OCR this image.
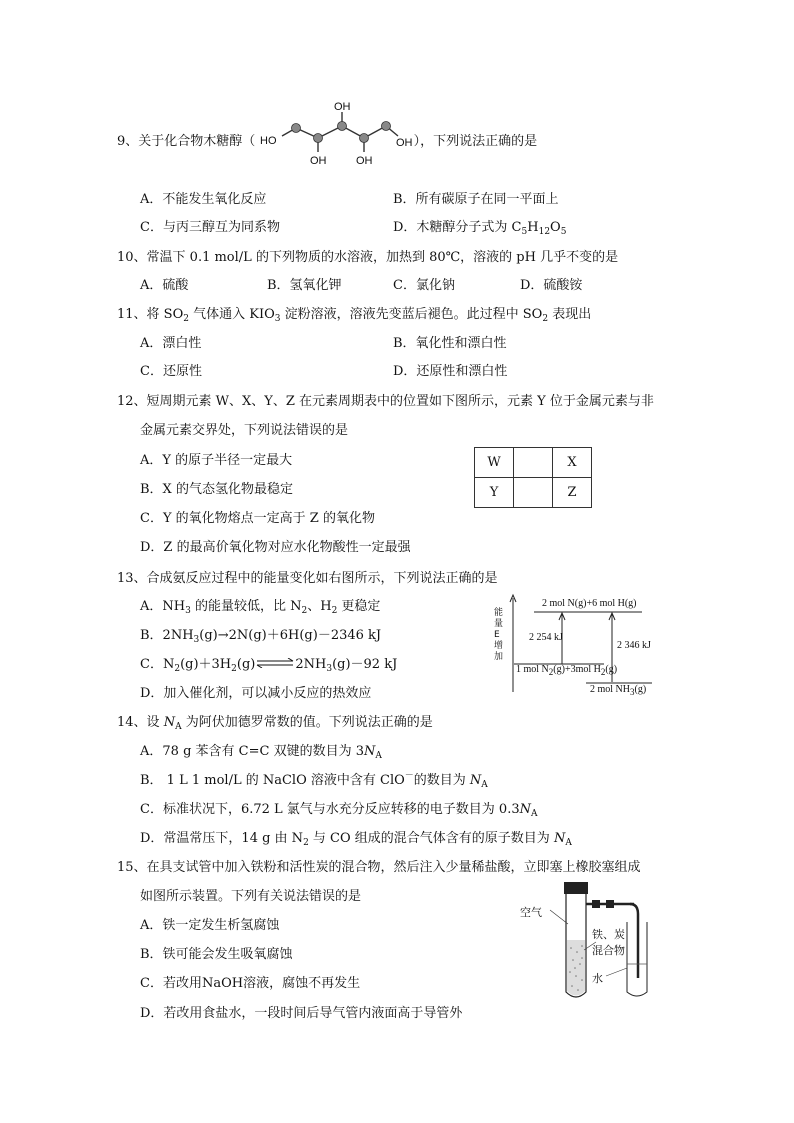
9、关于化合物木糖醇（	），下列说法正确的是
HO
OH
OH	OH
OH
A．不能发生氧化反应	B．所有碳原子在同一平面上
C．与丙三醇互为同系物	D．木糖醇分子式为 $C_5H_{12}O_5$
10、常温下 0.1 mol/L 的下列物质的水溶液，加热到 80℃，溶液的 pH 几乎不变的是
A．硫酸	B．氢氧化钾	C．氯化钠	D．硫酸铵
11、将 $SO_2$ 气体通入 $KIO_3$ 淀粉溶液，溶液先变蓝后褪色。此过程中 $SO_2$ 表现出
A．漂白性	B．氧化性和漂白性
C．还原性	D．还原性和漂白性
12、短周期元素 W、X、Y、Z 在元素周期表中的位置如下图所示，元素 Y 位于金属元素与非
金属元素交界处，下列说法错误的是
A．Y 的原子半径一定最大
B．X 的气态氢化物最稳定
C．Y 的氧化物熔点一定高于 Z 的氧化物
D．Z 的最高价氧化物对应水化物酸性一定最强
W		X
Y		Z
13、合成氨反应过程中的能量变化如右图所示，下列说法正确的是
A．$NH_3$ 的能量较低，比 $N_2$、$H_2$ 更稳定
B．$2NH_3(g)\to 2N(g)+6H(g)-2346$ kJ
C．$N_2(g)+3H_2(g)\rightleftharpoons 2NH_3(g)-92$ kJ
D．加入催化剂，可以减小反应的热效应
能量E增加
2 mol N(g)+6 mol H(g)
2 254 kJ
2 346 kJ
1 mol $N_2(g)+3mol$ $H_2(g)$
2 mol $NH_3(g)$
14、设 $N_A$ 为阿伏加德罗常数的值。下列说法正确的是
A．78 g 苯含有 C=C 双键的数目为 $3N_A$
B． 1 L 1 mol/L 的 NaClO 溶液中含有 ClO－的数目为 $N_A$
C．标准状况下，6.72 L 氯气与水充分反应转移的电子数目为 $0.3N_A$
D．常温常压下，14 g 由 $N_2$ 与 CO 组成的混合气体含有的原子数目为 $N_A$
15、在具支试管中加入铁粉和活性炭的混合物，然后注入少量稀盐酸，立即塞上橡胶塞组成
如图所示装置。下列有关说法错误的是
A．铁一定发生析氢腐蚀
B．铁可能会发生吸氧腐蚀
C．若改用NaOH溶液，腐蚀不再发生
D．若改用食盐水，一段时间后导气管内液面高于导管外
空气
铁、炭
混合物
水
